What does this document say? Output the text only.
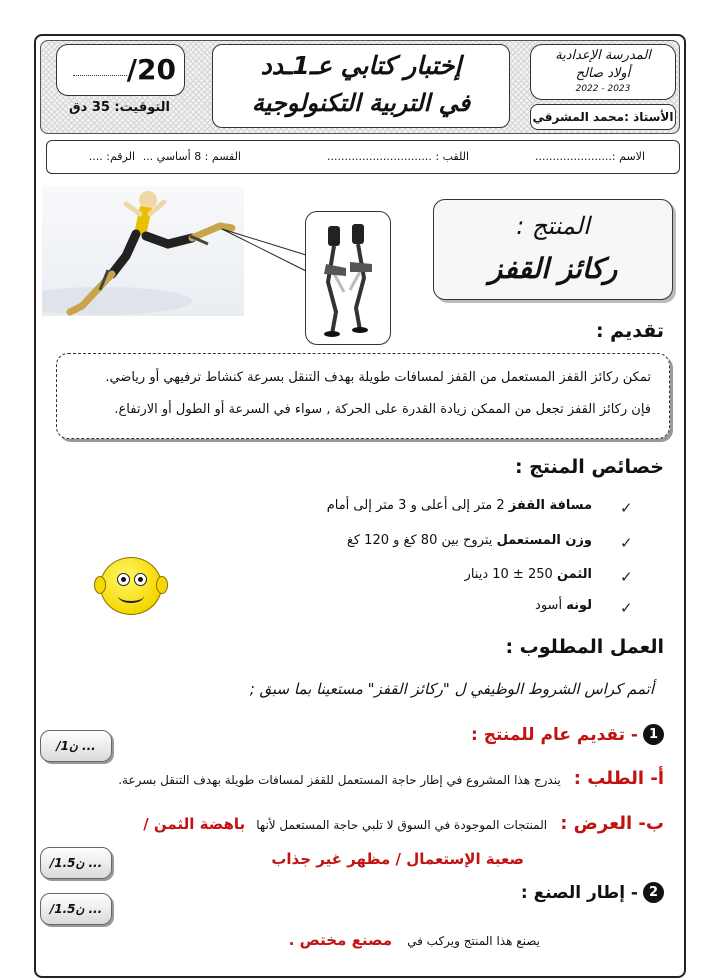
/20
التوقيت: 35 دق
إختبار كتابي عـ1ـدد
في التربية التكنولوجية
المدرسة الإعدادية
أولاد صالح
2022 - 2023
الأستاذ :محمد المشرقي
الاسم :......................
اللقب : ..............................
القسم : 8 أساسي ...
الرقم: ....
المنتج :
ركائز القفز
تقديم :
تمكن ركائز القفز المستعمل من القفز لمسافات طويلة بهدف التنقل بسرعة كنشاط ترفيهي أو رياضي.
فإن ركائز القفز تجعل من الممكن زيادة القدرة على الحركة , سواء في السرعة أو الطول أو الارتفاع.
خصائص المنتج :
✓
مسافة القفز 2 متر إلى أعلى و 3 متر إلى أمام
✓
وزن المستعمل يتروح بين 80 كغ و 120 كغ
✓
الثمن 250 ± 10 دينار
✓
لونه أسود
العمل المطلوب :
أتمم كراس الشروط الوظيفي ل "ركائز القفز" مستعينا بما سبق ;
1
- تقديم عام للمنتج :
/1ن ...
أ- الطلب : يندرج هذا المشروع في إطار حاجة المستعمل للقفز لمسافات طويلة بهدف التنقل بسرعة.
ب- العرض : المنتجات الموجودة في السوق لا تلبي حاجة المستعمل لأنها باهضة الثمن /
صعبة الإستعمال / مظهر غير جذاب
/1.5ن ...
2
- إطار الصنع :
/1.5ن ...
يصنع هذا المنتج ويركب في مصنع مختص .
